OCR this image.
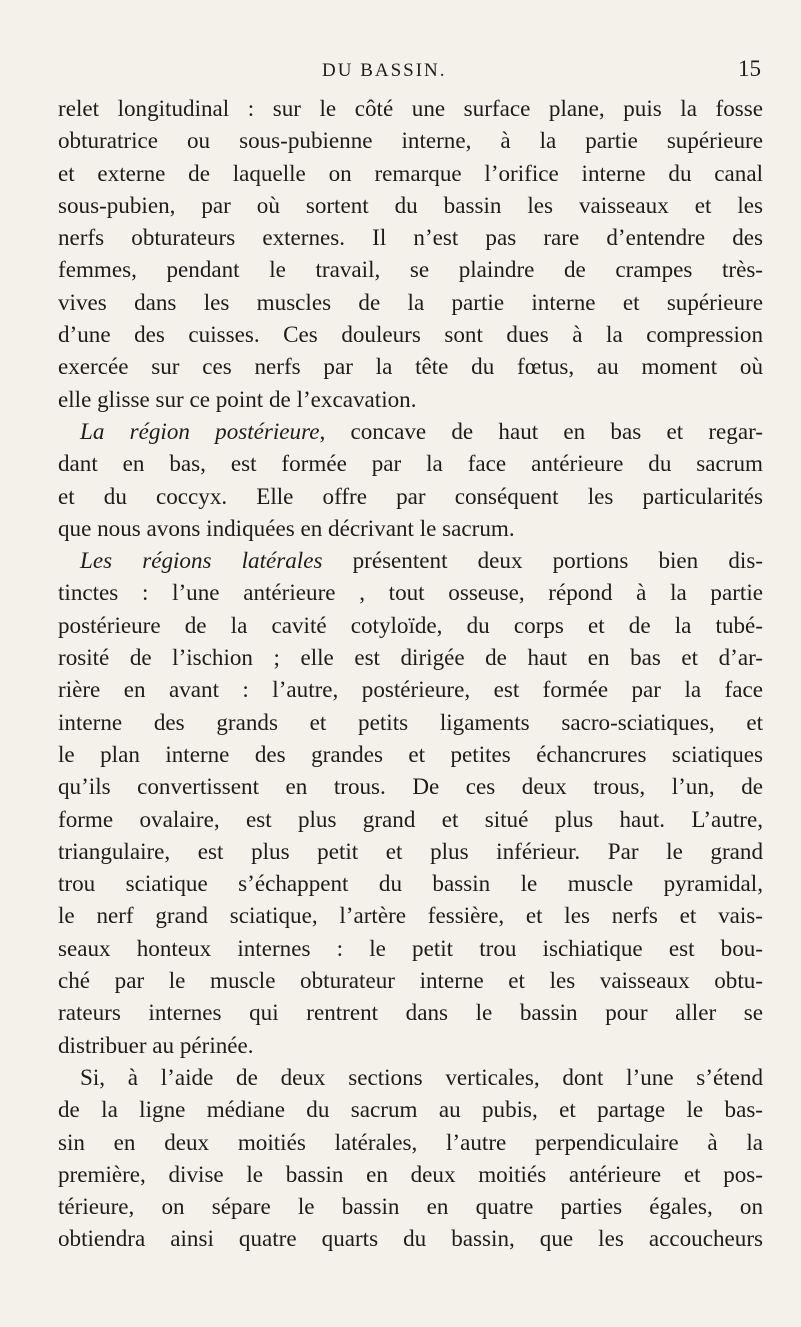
DU BASSIN.	15
relet longitudinal : sur le côté une surface plane, puis la fosse
obturatrice ou sous-pubienne interne, à la partie supérieure
et externe de laquelle on remarque l’orifice interne du canal
sous-pubien, par où sortent du bassin les vaisseaux et les
nerfs obturateurs externes. Il n’est pas rare d’entendre des
femmes, pendant le travail, se plaindre de crampes très-
vives dans les muscles de la partie interne et supérieure
d’une des cuisses. Ces douleurs sont dues à la compression
exercée sur ces nerfs par la tête du fœtus, au moment où
elle glisse sur ce point de l’excavation.
La région postérieure, concave de haut en bas et regar-
dant en bas, est formée par la face antérieure du sacrum
et du coccyx. Elle offre par conséquent les particularités
que nous avons indiquées en décrivant le sacrum.
Les régions latérales présentent deux portions bien dis-
tinctes : l’une antérieure , tout osseuse, répond à la partie
postérieure de la cavité cotyloïde, du corps et de la tubé-
rosité de l’ischion ; elle est dirigée de haut en bas et d’ar-
rière en avant : l’autre, postérieure, est formée par la face
interne des grands et petits ligaments sacro-sciatiques, et
le plan interne des grandes et petites échancrures sciatiques
qu’ils convertissent en trous. De ces deux trous, l’un, de
forme ovalaire, est plus grand et situé plus haut. L’autre,
triangulaire, est plus petit et plus inférieur. Par le grand
trou sciatique s’échappent du bassin le muscle pyramidal,
le nerf grand sciatique, l’artère fessière, et les nerfs et vais-
seaux honteux internes : le petit trou ischiatique est bou-
ché par le muscle obturateur interne et les vaisseaux obtu-
rateurs internes qui rentrent dans le bassin pour aller se
distribuer au périnée.
Si, à l’aide de deux sections verticales, dont l’une s’étend
de la ligne médiane du sacrum au pubis, et partage le bas-
sin en deux moitiés latérales, l’autre perpendiculaire à la
première, divise le bassin en deux moitiés antérieure et pos-
térieure, on sépare le bassin en quatre parties égales, on
obtiendra ainsi quatre quarts du bassin, que les accoucheurs
